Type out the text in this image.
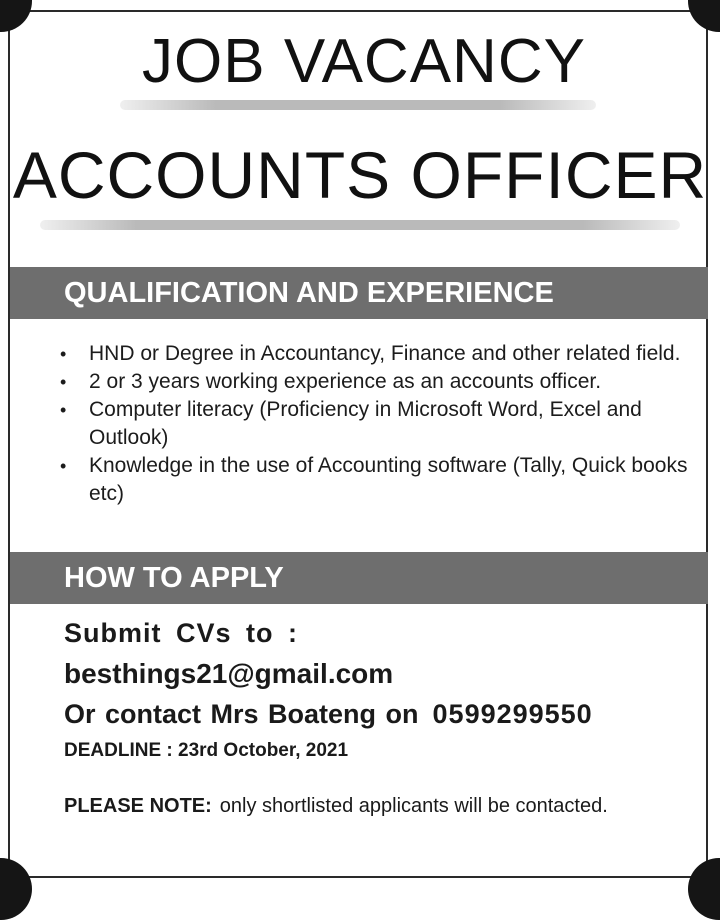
JOB VACANCY
ACCOUNTS OFFICER
QUALIFICATION AND EXPERIENCE
• HND or Degree in Accountancy, Finance and other related field.
• 2 or 3 years working experience as an accounts officer.
• Computer literacy (Proficiency in Microsoft Word, Excel and Outlook)
• Knowledge in the use of Accounting software (Tally, Quick books etc)
HOW TO APPLY
Submit CVs to :
besthings21@gmail.com
Or contact Mrs Boateng on 0599299550
DEADLINE : 23rd October, 2021
PLEASE NOTE: only shortlisted applicants will be contacted.
